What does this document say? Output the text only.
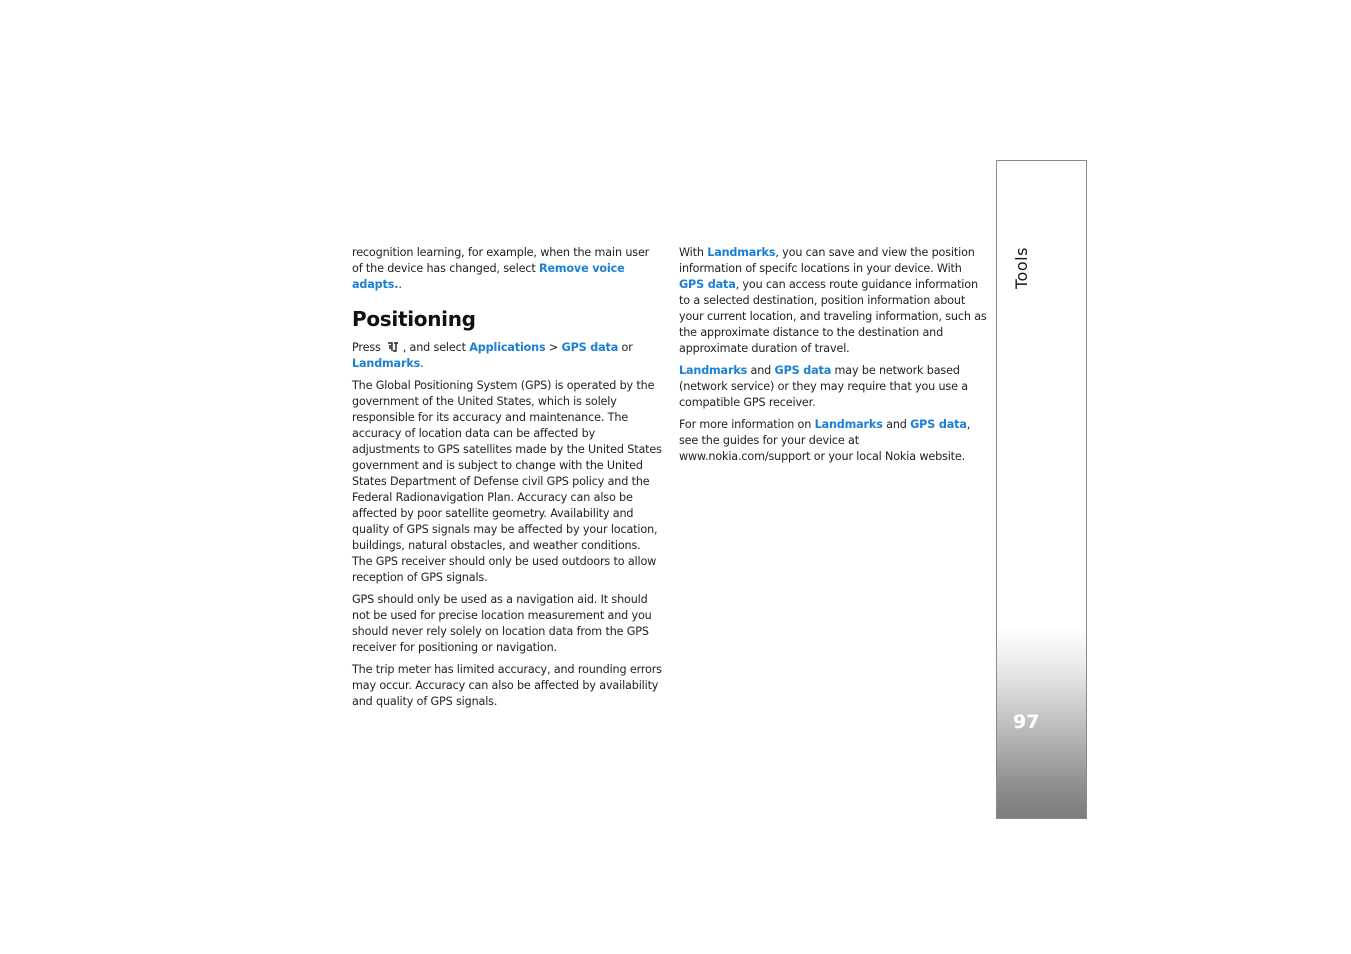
recognition learning, for example, when the main user of the device has changed, select Remove voice adapts..

Positioning

Press , and select Applications > GPS data or Landmarks.

The Global Positioning System (GPS) is operated by the government of the United States, which is solely responsible for its accuracy and maintenance. The accuracy of location data can be affected by adjustments to GPS satellites made by the United States government and is subject to change with the United States Department of Defense civil GPS policy and the Federal Radionavigation Plan. Accuracy can also be affected by poor satellite geometry. Availability and quality of GPS signals may be affected by your location, buildings, natural obstacles, and weather conditions. The GPS receiver should only be used outdoors to allow reception of GPS signals.

GPS should only be used as a navigation aid. It should not be used for precise location measurement and you should never rely solely on location data from the GPS receiver for positioning or navigation.

The trip meter has limited accuracy, and rounding errors may occur. Accuracy can also be affected by availability and quality of GPS signals.

With Landmarks, you can save and view the position information of specifc locations in your device. With GPS data, you can access route guidance information to a selected destination, position information about your current location, and traveling information, such as the approximate distance to the destination and approximate duration of travel.

Landmarks and GPS data may be network based (network service) or they may require that you use a compatible GPS receiver.

For more information on Landmarks and GPS data, see the guides for your device at www.nokia.com/support or your local Nokia website.

Tools
97
